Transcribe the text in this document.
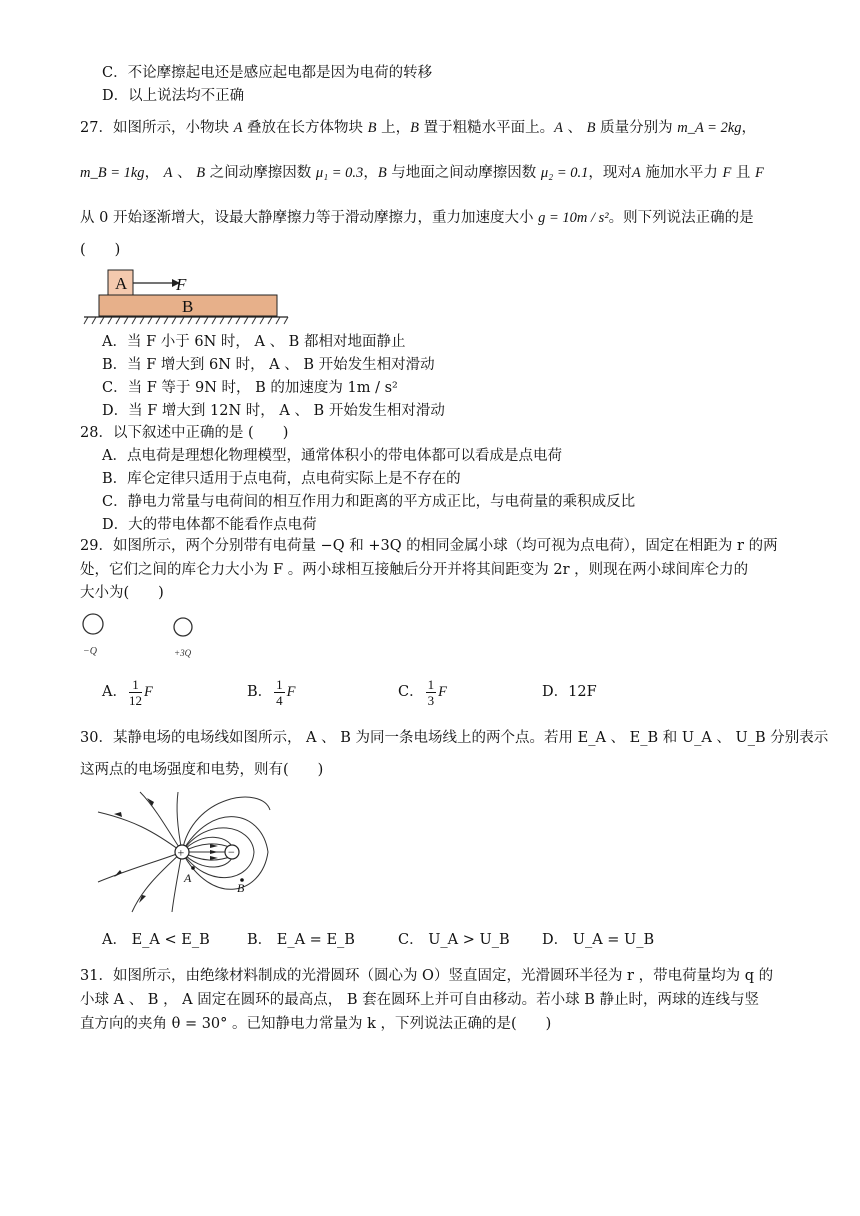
C．不论摩擦起电还是感应起电都是因为电荷的转移
D．以上说法均不正确
27．如图所示，小物块 A 叠放在长方体物块 B 上，B 置于粗糙水平面上。A 、 B 质量分别为 m_A = 2kg，
m_B = 1kg， A 、 B 之间动摩擦因数 μ₁ = 0.3，B 与地面之间动摩擦因数 μ₂ = 0.1，现对A 施加水平力 F 且 F
从 0 开始逐渐增大，设最大静摩擦力等于滑动摩擦力，重力加速度大小 g = 10m / s²。则下列说法正确的是
(　　)
A	F
B
A．当 F 小于 6N 时， A 、 B 都相对地面静止
B．当 F 增大到 6N 时， A 、 B 开始发生相对滑动
C．当 F 等于 9N 时， B 的加速度为 1m / s²
D．当 F 增大到 12N 时， A 、 B 开始发生相对滑动
28．以下叙述中正确的是 (　　)
A．点电荷是理想化物理模型，通常体积小的带电体都可以看成是点电荷
B．库仑定律只适用于点电荷，点电荷实际上是不存在的
C．静电力常量与电荷间的相互作用力和距离的平方成正比，与电荷量的乘积成反比
D．大的带电体都不能看作点电荷
29．如图所示，两个分别带有电荷量 −Q 和 +3Q 的相同金属小球（均可视为点电荷），固定在相距为 r 的两
处，它们之间的库仑力大小为 F 。两小球相互接触后分开并将其间距变为 2r ，则现在两小球间库仑力的
大小为(　　)
−Q	+3Q
A． $\frac{1}{12}$ F	B． $\frac{1}{4}$ F	C． $\frac{1}{3}$ F	D．12F
30．某静电场的电场线如图所示， A 、 B 为同一条电场线上的两个点。若用 E_A 、 E_B 和 U_A 、 U_B 分别表示
这两点的电场强度和电势，则有(　　)
+	−
A
B
A． E_A < E_B	B． E_A = E_B	C． U_A > U_B D． U_A = U_B
31．如图所示，由绝缘材料制成的光滑圆环（圆心为 O）竖直固定，光滑圆环半径为 r ，带电荷量均为 q 的
小球 A 、 B ， A 固定在圆环的最高点， B 套在圆环上并可自由移动。若小球 B 静止时，两球的连线与竖
直方向的夹角 θ = 30° 。已知静电力常量为 k ，下列说法正确的是(　　)
